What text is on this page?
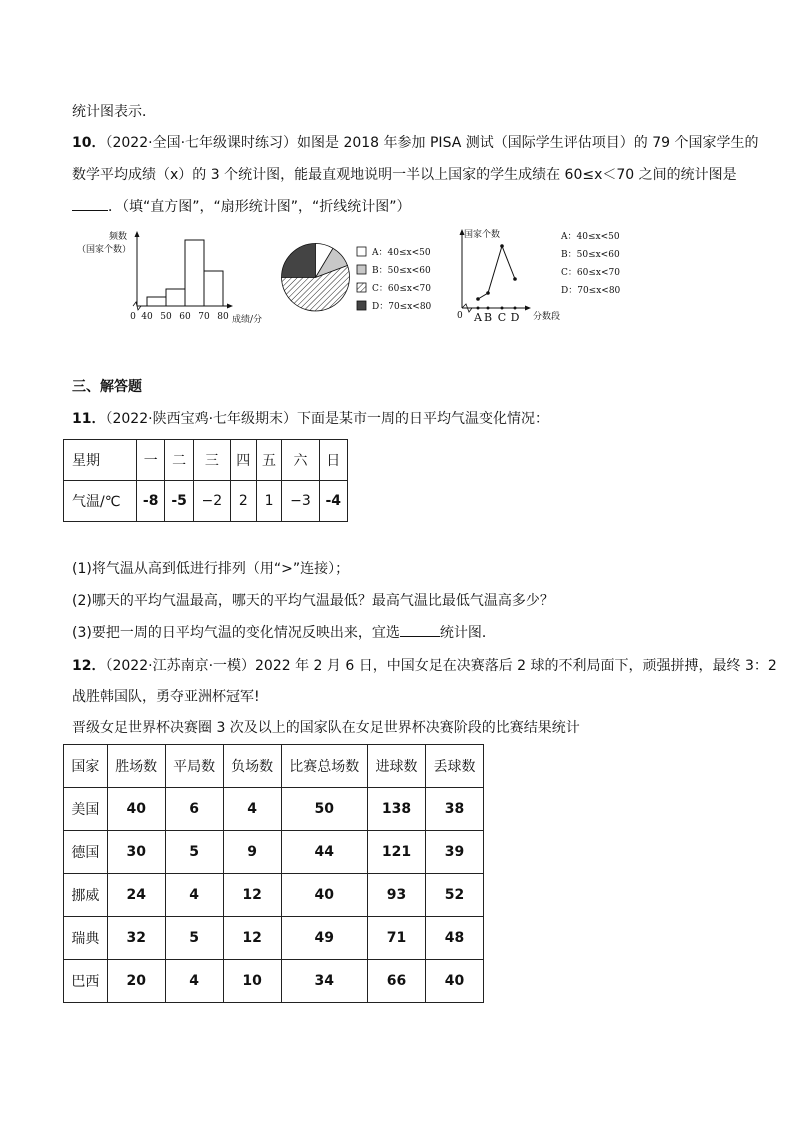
统计图表示．
10．（2022·全国·七年级课时练习）如图是 2018 年参加 PISA 测试（国际学生评估项目）的 79 个国家学生的
数学平均成绩（x）的 3 个统计图，能最直观地说明一半以上国家的学生成绩在 60≤x＜70 之间的统计图是
．（填“直方图”，“扇形统计图”，“折线统计图”）
频数
（国家个数）
0 40 50 60 70 80 成绩/分
A：40≤x<50
B：50≤x<60
C：60≤x<70
D：70≤x<80
国家个数
0 A B C D 分数段
A：40≤x<50
B：50≤x<60
C：60≤x<70
D：70≤x<80
三、解答题
11．（2022·陕西宝鸡·七年级期末）下面是某市一周的日平均气温变化情况：
星期	一	二	三	四	五	六	日
气温/℃	-8	-5	−2	2	1	−3	-4
(1)将气温从高到低进行排列（用“>”连接）；
(2)哪天的平均气温最高，哪天的平均气温最低？最高气温比最低气温高多少？
(3)要把一周的日平均气温的变化情况反映出来，宜选	统计图．
12．（2022·江苏南京·一模）2022 年 2 月 6 日，中国女足在决赛落后 2 球的不利局面下，顽强拼搏，最终 3：2
战胜韩国队，勇夺亚洲杯冠军!
晋级女足世界杯决赛圈 3 次及以上的国家队在女足世界杯决赛阶段的比赛结果统计
国家	胜场数	平局数	负场数	比赛总场数	进球数	丢球数
美国	40	6	4	50	138	38
德国	30	5	9	44	121	39
挪威	24	4	12	40	93	52
瑞典	32	5	12	49	71	48
巴西	20	4	10	34	66	40
